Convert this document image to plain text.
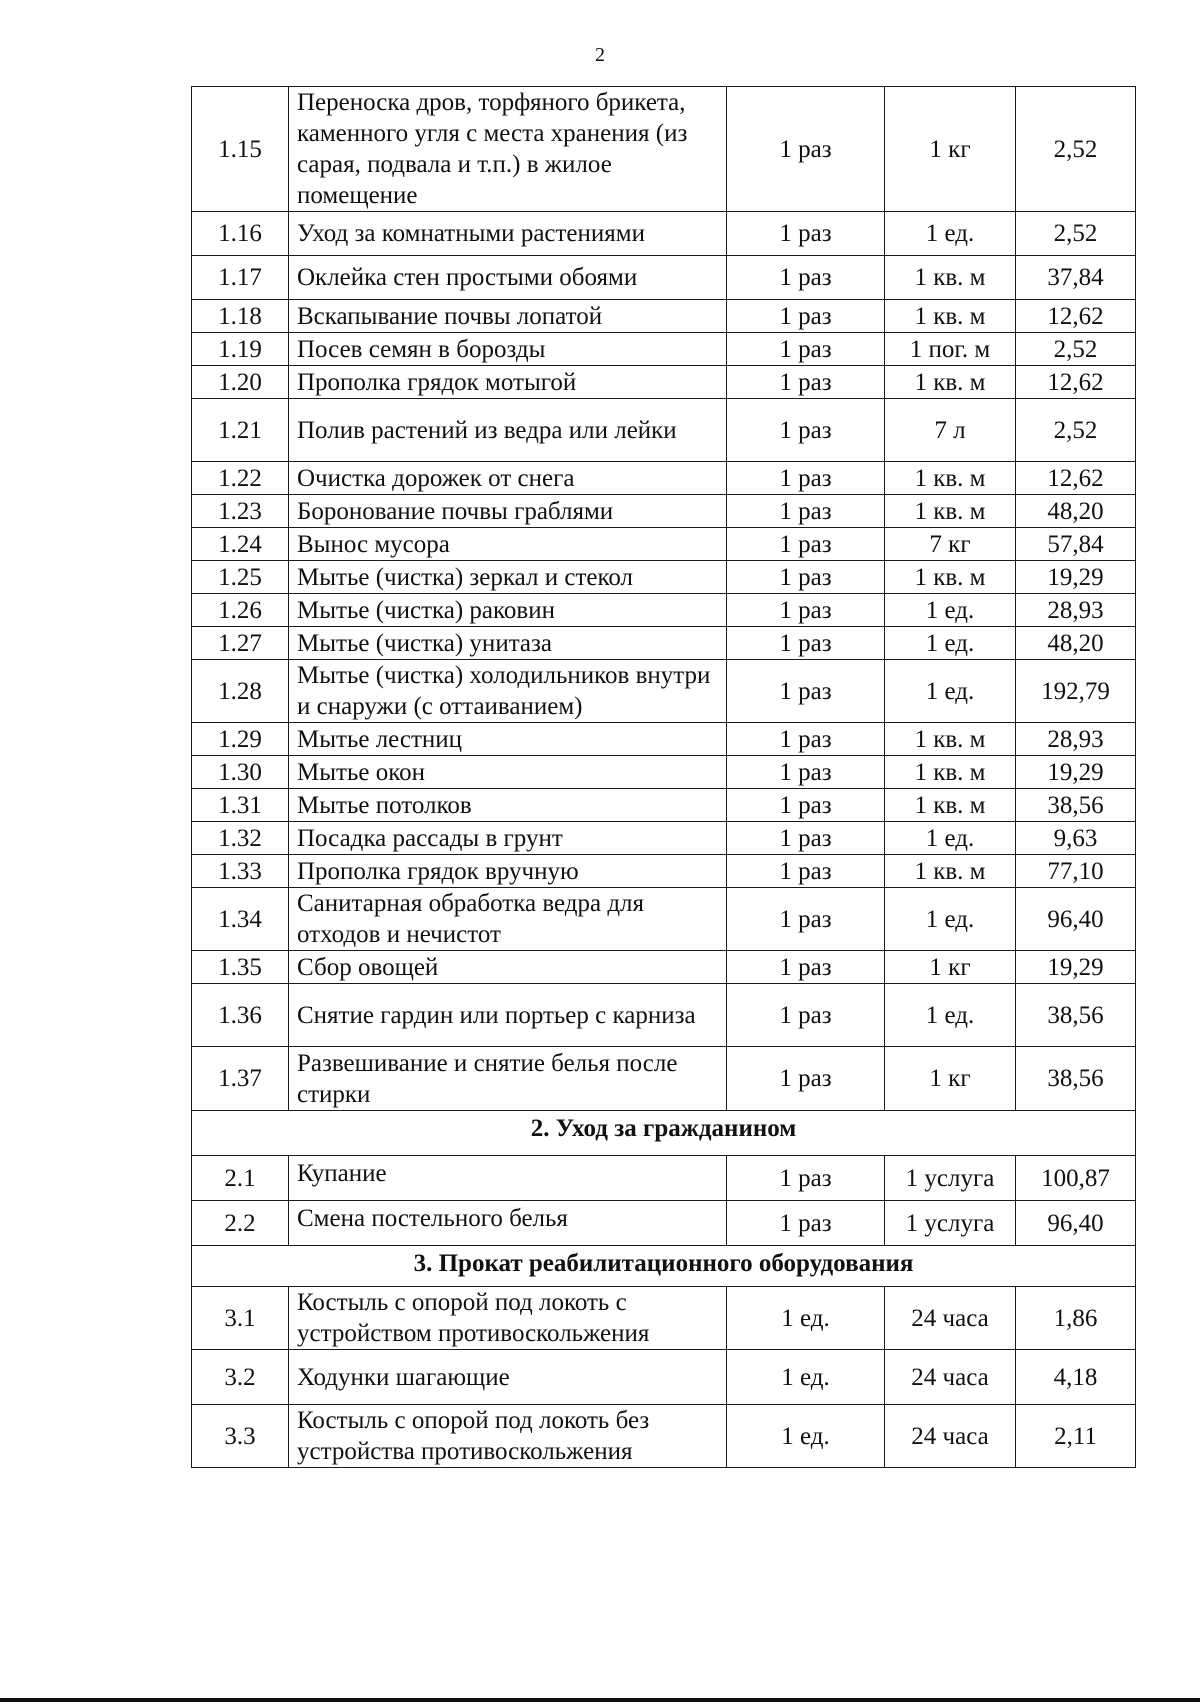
2
1.15	Переноска дров, торфяного брикета, каменного угля с места хранения (из сарая, подвала и т.п.) в жилое помещение	1 раз	1 кг	2,52
1.16	Уход за комнатными растениями	1 раз	1 ед.	2,52
1.17	Оклейка стен простыми обоями	1 раз	1 кв. м	37,84
1.18	Вскапывание почвы лопатой	1 раз	1 кв. м	12,62
1.19	Посев семян в борозды	1 раз	1 пог. м	2,52
1.20	Прополка грядок мотыгой	1 раз	1 кв. м	12,62
1.21	Полив растений из ведра или лейки	1 раз	7 л	2,52
1.22	Очистка дорожек от снега	1 раз	1 кв. м	12,62
1.23	Боронование почвы граблями	1 раз	1 кв. м	48,20
1.24	Вынос мусора	1 раз	7 кг	57,84
1.25	Мытье (чистка) зеркал и стекол	1 раз	1 кв. м	19,29
1.26	Мытье (чистка) раковин	1 раз	1 ед.	28,93
1.27	Мытье (чистка) унитаза	1 раз	1 ед.	48,20
1.28	Мытье (чистка) холодильников внутри и снаружи (с оттаиванием)	1 раз	1 ед.	192,79
1.29	Мытье лестниц	1 раз	1 кв. м	28,93
1.30	Мытье окон	1 раз	1 кв. м	19,29
1.31	Мытье потолков	1 раз	1 кв. м	38,56
1.32	Посадка рассады в грунт	1 раз	1 ед.	9,63
1.33	Прополка грядок вручную	1 раз	1 кв. м	77,10
1.34	Санитарная обработка ведра для отходов и нечистот	1 раз	1 ед.	96,40
1.35	Сбор овощей	1 раз	1 кг	19,29
1.36	Снятие гардин или портьер с карниза	1 раз	1 ед.	38,56
1.37	Развешивание и снятие белья после стирки	1 раз	1 кг	38,56
2. Уход за гражданином				
2.1	Купание	1 раз	1 услуга	100,87
2.2	Смена постельного белья	1 раз	1 услуга	96,40
3. Прокат реабилитационного оборудования				
3.1	Костыль с опорой под локоть с устройством противоскольжения	1 ед.	24 часа	1,86
3.2	Ходунки шагающие	1 ед.	24 часа	4,18
3.3	Костыль с опорой под локоть без устройства противоскольжения	1 ед.	24 часа	2,11
